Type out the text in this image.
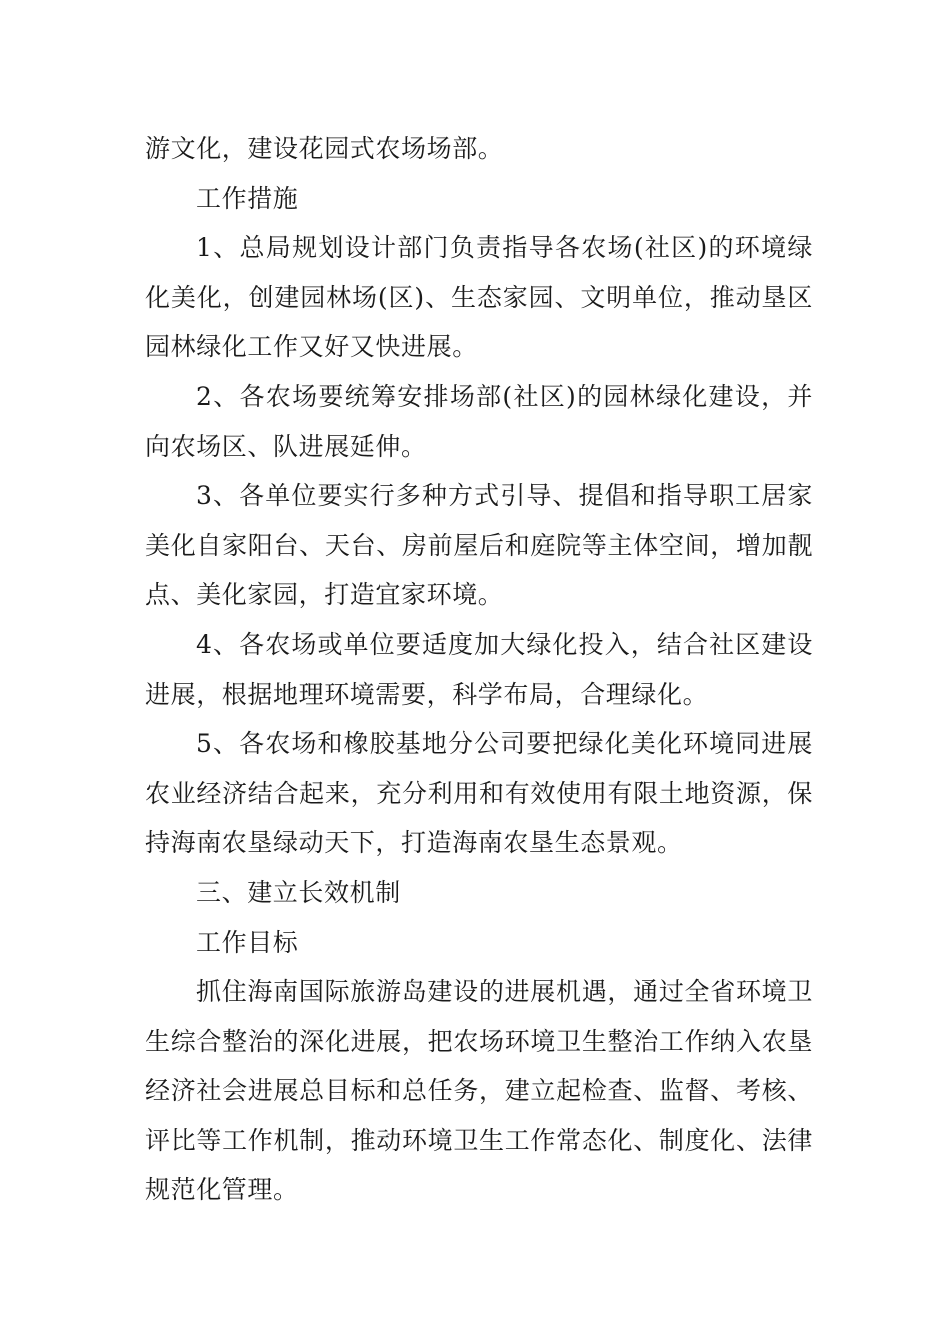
游文化，建设花园式农场场部。

工作措施

1、总局规划设计部门负责指导各农场(社区)的环境绿化美化，创建园林场(区)、生态家园、文明单位，推动垦区园林绿化工作又好又快进展。

2、各农场要统筹安排场部(社区)的园林绿化建设，并向农场区、队进展延伸。

3、各单位要实行多种方式引导、提倡和指导职工居家美化自家阳台、天台、房前屋后和庭院等主体空间，增加靓点、美化家园，打造宜家环境。

4、各农场或单位要适度加大绿化投入，结合社区建设进展，根据地理环境需要，科学布局，合理绿化。

5、各农场和橡胶基地分公司要把绿化美化环境同进展农业经济结合起来，充分利用和有效使用有限土地资源，保持海南农垦绿动天下，打造海南农垦生态景观。

三、建立长效机制

工作目标

抓住海南国际旅游岛建设的进展机遇，通过全省环境卫生综合整治的深化进展，把农场环境卫生整治工作纳入农垦经济社会进展总目标和总任务，建立起检查、监督、考核、评比等工作机制，推动环境卫生工作常态化、制度化、法律规范化管理。
